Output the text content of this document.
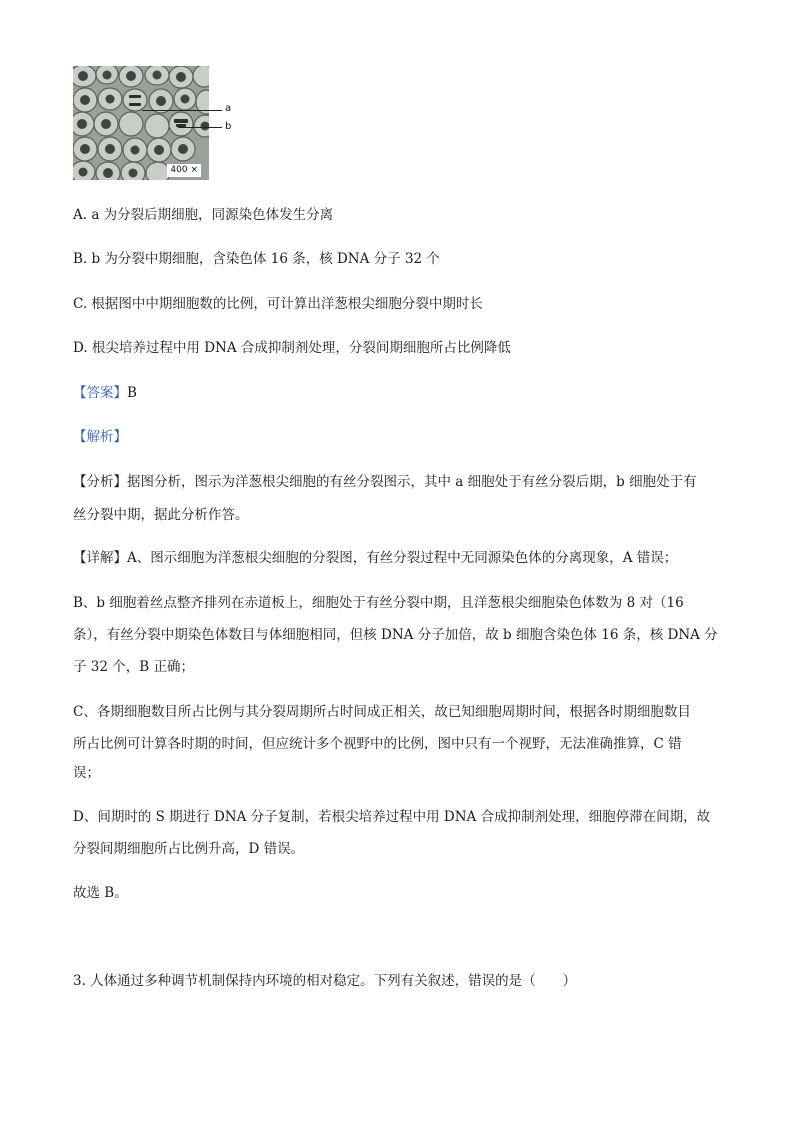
400 ×
a
b
A. a 为分裂后期细胞，同源染色体发生分离
B. b 为分裂中期细胞，含染色体 16 条，核 DNA 分子 32 个
C. 根据图中中期细胞数的比例，可计算出洋葱根尖细胞分裂中期时长
D. 根尖培养过程中用 DNA 合成抑制剂处理，分裂间期细胞所占比例降低
【答案】B
【解析】
【分析】据图分析，图示为洋葱根尖细胞的有丝分裂图示，其中 a 细胞处于有丝分裂后期，b 细胞处于有
丝分裂中期，据此分析作答。
【详解】A、图示细胞为洋葱根尖细胞的分裂图，有丝分裂过程中无同源染色体的分离现象，A 错误；
B、b 细胞着丝点整齐排列在赤道板上，细胞处于有丝分裂中期，且洋葱根尖细胞染色体数为 8 对（16
条），有丝分裂中期染色体数目与体细胞相同，但核 DNA 分子加倍，故 b 细胞含染色体 16 条，核 DNA 分
子 32 个，B 正确；
C、各期细胞数目所占比例与其分裂周期所占时间成正相关，故已知细胞周期时间，根据各时期细胞数目
所占比例可计算各时期的时间，但应统计多个视野中的比例，图中只有一个视野，无法准确推算，C 错
误；
D、间期时的 S 期进行 DNA 分子复制，若根尖培养过程中用 DNA 合成抑制剂处理，细胞停滞在间期，故
分裂间期细胞所占比例升高，D 错误。
故选 B。
3. 人体通过多种调节机制保持内环境的相对稳定。下列有关叙述，错误的是（　　）
